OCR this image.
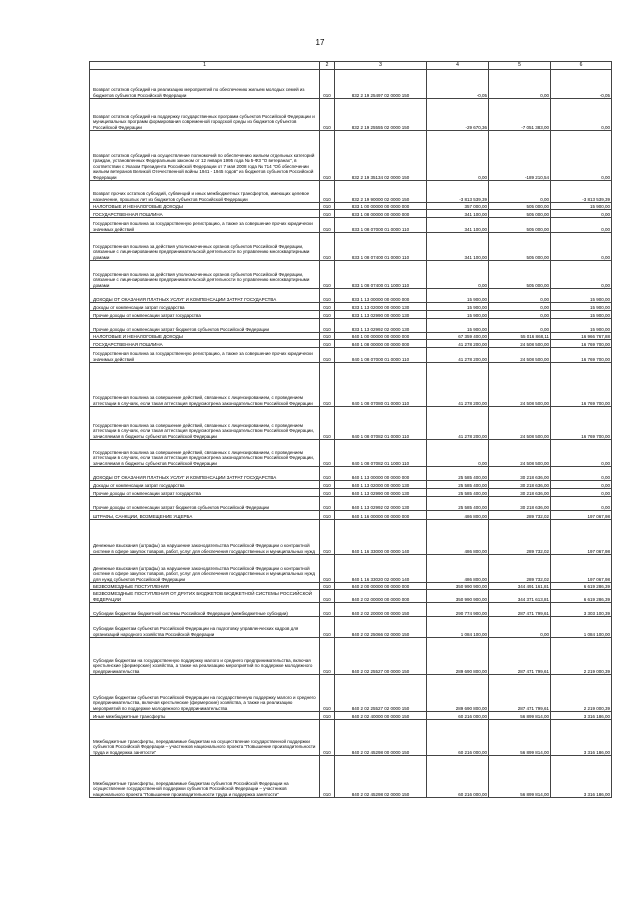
17
1	2	3	4	5	6
Возврат остатков субсидий на реализацию мероприятий по обеспечению жильем молодых семей из бюджетов субъектов Российской Федерации	010	832 2 19 25497 02 0000 150	-0,05	0,00	-0,05
Возврат остатков субсидий на поддержку государственных программ субъектов Российской Федерации и муниципальных программ формирования современной городской среды из бюджетов субъектов Российской Федерации	010	832 2 19 25555 02 0000 150	-29 670,36	-7 051 383,00	0,00
Возврат остатков субсидий на осуществление полномочий по обеспечению жильем отдельных категорий граждан, установленных Федеральным законом от 12 января 1995 года № 5-ФЗ "О ветеранах", в соответствии с Указом Президента Российской Федерации от 7 мая 2008 года № 714 "Об обеспечении жильем ветеранов Великой Отечественной войны 1941 - 1945 годов" из бюджетов субъектов Российской Федерации	010	832 2 19 35134 02 0000 150	0,00	-189 210,54	0,00
Возврат прочих остатков субсидий, субвенций и иных межбюджетных трансфертов, имеющих целевое назначение, прошлых лет из бюджетов субъектов Российской Федерации	010	832 2 19 90000 02 0000 150	-3 813 539,39	0,00	-3 813 539,39
НАЛОГОВЫЕ И НЕНАЛОГОВЫЕ ДОХОДЫ	010	833 1 00 00000 00 0000 000	357 000,00	505 000,00	15 900,00
ГОСУДАРСТВЕННАЯ ПОШЛИНА	010	833 1 08 00000 00 0000 000	341 100,00	505 000,00	0,00
Государственная пошлина за государственную регистрацию, а также за совершение прочих юридически значимых действий	010	833 1 08 07000 01 0000 110	341 100,00	505 000,00	0,00
Государственная пошлина за действия уполномоченных органов субъектов Российской Федерации, связанные с лицензированием предпринимательской деятельности по управлению многоквартирными домами	010	833 1 08 07400 01 0000 110	341 100,00	505 000,00	0,00
Государственная пошлина за действия уполномоченных органов субъектов Российской Федерации, связанные с лицензированием предпринимательской деятельности по управлению многоквартирными домами	010	833 1 08 07400 01 1000 110	0,00	505 000,00	0,00
ДОХОДЫ ОТ ОКАЗАНИЯ ПЛАТНЫХ УСЛУГ И КОМПЕНСАЦИИ ЗАТРАТ ГОСУДАРСТВА	010	833 1 13 00000 00 0000 000	15 900,00	0,00	15 900,00
Доходы от компенсации затрат государства	010	833 1 13 02000 00 0000 130	15 900,00	0,00	15 900,00
Прочие доходы от компенсации затрат государства	010	833 1 13 02990 00 0000 130	15 900,00	0,00	15 900,00
Прочие доходы от компенсации затрат бюджетов субъектов Российской Федерации	010	833 1 13 02992 02 0000 130	15 900,00	0,00	15 900,00
НАЛОГОВЫЕ И НЕНАЛОГОВЫЕ ДОХОДЫ	010	840 1 00 00000 00 0000 000	67 359 400,00	55 016 868,11	16 966 767,88
ГОСУДАРСТВЕННАЯ ПОШЛИНА	010	840 1 08 00000 00 0000 000	41 278 200,00	24 508 500,00	16 769 700,00
Государственная пошлина за государственную регистрацию, а также за совершение прочих юридически значимых действий	010	840 1 08 07000 01 0000 110	41 278 200,00	24 508 500,00	16 769 700,00
Государственная пошлина за совершение действий, связанных с лицензированием, с проведением аттестации в случаях, если такая аттестация предусмотрена законодательством Российской Федерации	010	840 1 08 07080 01 0000 110	41 278 200,00	24 508 500,00	16 769 700,00
Государственная пошлина за совершение действий, связанных с лицензированием, с проведением аттестации в случаях, если такая аттестация предусмотрена законодательством Российской Федерации, зачисляемая в бюджеты субъектов Российской Федерации	010	840 1 08 07082 01 0000 110	41 278 200,00	24 508 500,00	16 769 700,00
Государственная пошлина за совершение действий, связанных с лицензированием, с проведением аттестации в случаях, если такая аттестация предусмотрена законодательством Российской Федерации, зачисляемая в бюджеты субъектов Российской Федерации	010	840 1 08 07082 01 1000 110	0,00	24 508 500,00	0,00
ДОХОДЫ ОТ ОКАЗАНИЯ ПЛАТНЫХ УСЛУГ И КОМПЕНСАЦИИ ЗАТРАТ ГОСУДАРСТВА	010	840 1 13 00000 00 0000 000	25 585 400,00	30 218 636,00	0,00
Доходы от компенсации затрат государства	010	840 1 13 02000 00 0000 130	25 585 400,00	30 218 636,00	0,00
Прочие доходы от компенсации затрат государства	010	840 1 13 02990 00 0000 130	25 585 400,00	30 218 636,00	0,00
Прочие доходы от компенсации затрат бюджетов субъектов Российской Федерации	010	840 1 13 02992 02 0000 130	25 585 400,00	30 218 636,00	0,00
ШТРАФЫ, САНКЦИИ, ВОЗМЕЩЕНИЕ УЩЕРБА	010	840 1 16 00000 00 0000 000	486 800,00	289 732,02	197 067,98
Денежные взыскания (штрафы) за нарушение законодательства Российской Федерации о контрактной системе в сфере закупок товаров, работ, услуг для обеспечения государственных и муниципальных нужд	010	840 1 16 33000 00 0000 140	486 800,00	289 732,02	197 067,98
Денежные взыскания (штрафы) за нарушение законодательства Российской Федерации о контрактной системе в сфере закупок товаров, работ, услуг для обеспечения государственных и муниципальных нужд для нужд субъектов Российской Федерации	010	840 1 16 33020 02 0000 140	486 800,00	289 732,02	197 067,98
БЕЗВОЗМЕЗДНЫЕ ПОСТУПЛЕНИЯ	010	840 2 00 00000 00 0000 000	350 990 900,00	344 491 161,81	6 619 286,39
БЕЗВОЗМЕЗДНЫЕ ПОСТУПЛЕНИЯ ОТ ДРУГИХ БЮДЖЕТОВ БЮДЖЕТНОЙ СИСТЕМЫ РОССИЙСКОЙ ФЕДЕРАЦИИ	010	840 2 02 00000 00 0000 000	350 990 900,00	344 371 613,81	6 619 286,39
Субсидии бюджетам бюджетной системы Российской Федерации (межбюджетные субсидии)	010	840 2 02 20000 00 0000 150	290 774 900,00	287 471 799,61	3 303 100,39
Субсидии бюджетам субъектов Российской Федерации на подготовку управленческих кадров для организаций народного хозяйства Российской Федерации	010	840 2 02 25066 02 0000 150	1 084 100,00	0,00	1 084 100,00
Субсидии бюджетам на государственную поддержку малого и среднего предпринимательства, включая крестьянские (фермерские) хозяйства, а также на реализацию мероприятий по поддержке молодежного предпринимательства	010	840 2 02 25527 00 0000 150	289 690 800,00	287 471 799,61	2 219 000,39
Субсидии бюджетам субъектов Российской Федерации на государственную поддержку малого и среднего предпринимательства, включая крестьянские (фермерские) хозяйства, а также на реализацию мероприятий по поддержке молодежного предпринимательства	010	840 2 02 25527 02 0000 150	289 690 800,00	287 471 799,61	2 219 000,39
Иные межбюджетные трансферты	010	840 2 02 40000 00 0000 150	60 216 000,00	56 899 814,00	3 316 186,00
Межбюджетные трансферты, передаваемые бюджетам на осуществление государственной поддержки субъектов Российской Федерации – участников национального проекта "Повышение производительности труда и поддержка занятости"	010	840 2 02 45298 00 0000 150	60 216 000,00	56 899 814,00	3 316 186,00
Межбюджетные трансферты, передаваемые бюджетам субъектов Российской Федерации на осуществление государственной поддержки субъектов Российской Федерации – участников национального проекта "Повышение производительности труда и поддержка занятости"	010	840 2 02 45298 02 0000 150	60 216 000,00	56 899 814,00	3 316 186,00
